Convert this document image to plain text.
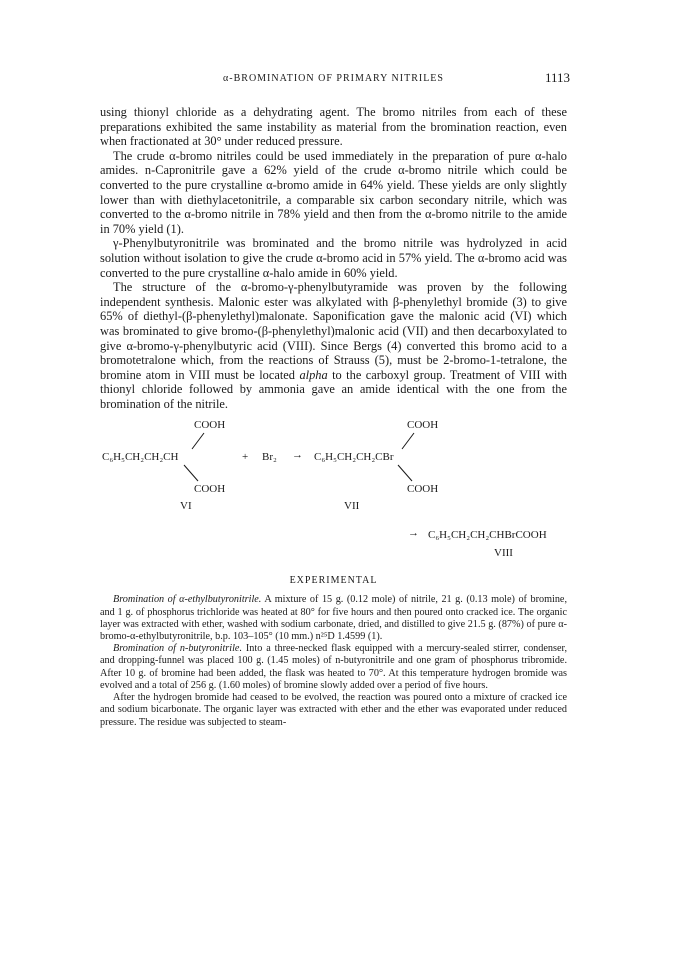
α-BROMINATION OF PRIMARY NITRILES	1113

using thionyl chloride as a dehydrating agent. The bromo nitriles from each of these preparations exhibited the same instability as material from the bromination reaction, even when fractionated at 30° under reduced pressure.

The crude α-bromo nitriles could be used immediately in the preparation of pure α-halo amides. n-Capronitrile gave a 62% yield of the crude α-bromo nitrile which could be converted to the pure crystalline α-bromo amide in 64% yield. These yields are only slightly lower than with diethylacetonitrile, a comparable six carbon secondary nitrile, which was converted to the α-bromo nitrile in 78% yield and then from the α-bromo nitrile to the amide in 70% yield (1).

γ-Phenylbutyronitrile was brominated and the bromo nitrile was hydrolyzed in acid solution without isolation to give the crude α-bromo acid in 57% yield. The α-bromo acid was converted to the pure crystalline α-halo amide in 60% yield.

The structure of the α-bromo-γ-phenylbutyramide was proven by the following independent synthesis. Malonic ester was alkylated with β-phenylethyl bromide (3) to give 65% of diethyl-(β-phenylethyl)malonate. Saponification gave the malonic acid (VI) which was brominated to give bromo-(β-phenylethyl)malonic acid (VII) and then decarboxylated to give α-bromo-γ-phenylbutyric acid (VIII). Since Bergs (4) converted this bromo acid to a bromotetralone which, from the reactions of Strauss (5), must be 2-bromo-1-tetralone, the bromine atom in VIII must be located alpha to the carboxyl group. Treatment of VIII with thionyl chloride followed by ammonia gave an amide identical with the one from the bromination of the nitrile.

COOH
C₆H₅CH₂CH₂CH
COOH
VI
+ Br₂ →
COOH
C₆H₅CH₂CH₂CBr
COOH
VII
→ C₆H₅CH₂CH₂CHBrCOOH
VIII
EXPERIMENTAL

Bromination of α-ethylbutyronitrile. A mixture of 15 g. (0.12 mole) of nitrile, 21 g. (0.13 mole) of bromine, and 1 g. of phosphorus trichloride was heated at 80° for five hours and then poured onto cracked ice. The organic layer was extracted with ether, washed with sodium carbonate, dried, and distilled to give 21.5 g. (87%) of pure α-bromo-α-ethylbutyronitrile, b.p. 103–105° (10 mm.) n²⁵D 1.4599 (1).

Bromination of n-butyronitrile. Into a three-necked flask equipped with a mercury-sealed stirrer, condenser, and dropping-funnel was placed 100 g. (1.45 moles) of n-butyronitrile and one gram of phosphorus tribromide. After 10 g. of bromine had been added, the flask was heated to 70°. At this temperature hydrogen bromide was evolved and a total of 256 g. (1.60 moles) of bromine slowly added over a period of five hours.

After the hydrogen bromide had ceased to be evolved, the reaction was poured onto a mixture of cracked ice and sodium bicarbonate. The organic layer was extracted with ether and the ether was evaporated under reduced pressure. The residue was subjected to steam-
